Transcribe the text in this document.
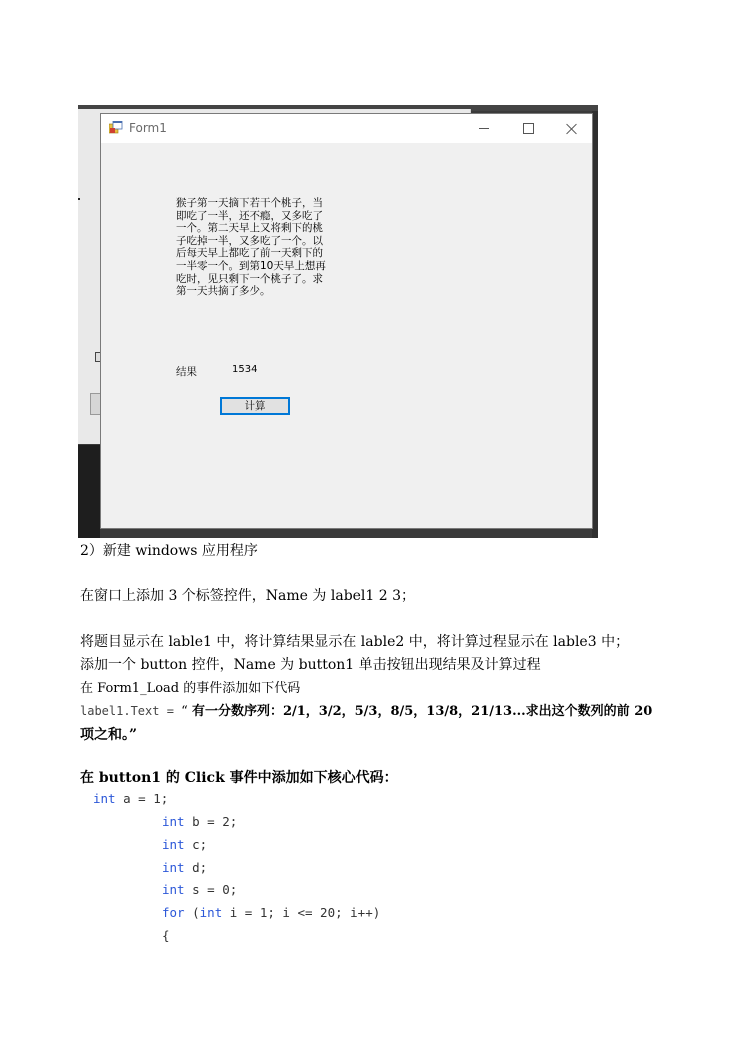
Form1
猴子第一天摘下若干个桃子，当即吃了一半，还不瘾，又多吃了一个。第二天早上又将剩下的桃子吃掉一半，又多吃了一个。以后每天早上都吃了前一天剩下的一半零一个。到第10天早上想再吃时，见只剩下一个桃子了。求第一天共摘了多少。
结果	1534
计算
2）新建 windows 应用程序
在窗口上添加 3 个标签控件，Name 为 label1 2 3；
将题目显示在 lable1 中，将计算结果显示在 lable2 中，将计算过程显示在 lable3 中；
添加一个 button 控件，Name 为 button1 单击按钮出现结果及计算过程
在 Form1_Load 的事件添加如下代码
label1.Text = “ 有一分数序列：2/1，3/2，5/3，8/5，13/8，21/13...求出这个数列的前 20
项之和。”
在 button1 的 Click 事件中添加如下核心代码：
int a = 1;
int b = 2;
int c;
int d;
int s = 0;
for (int i = 1; i <= 20; i++)
{
